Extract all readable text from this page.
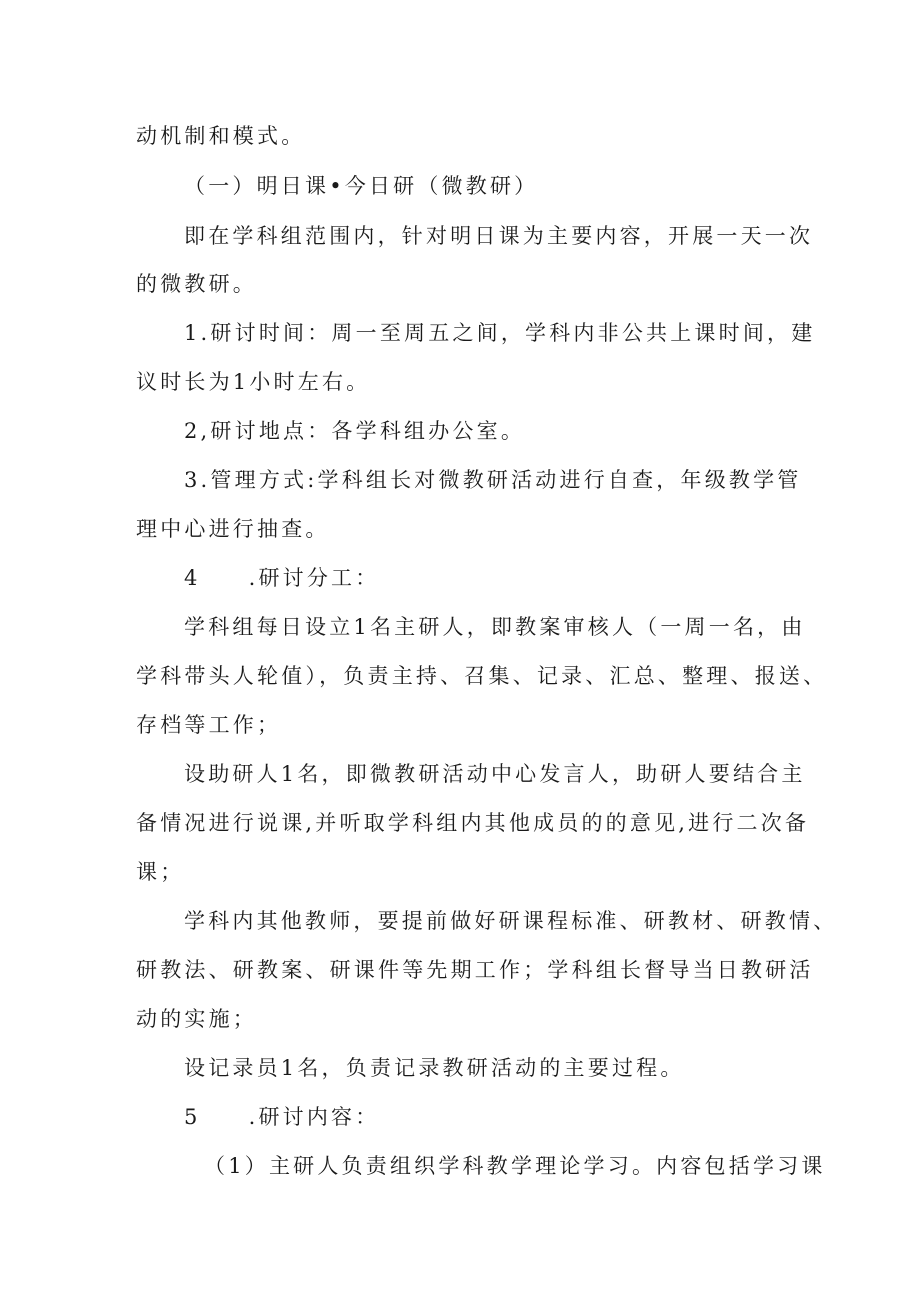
动机制和模式。
（一）明日课•今日研（微教研）
即在学科组范围内，针对明日课为主要内容，开展一天一次
的微教研。
1.研讨时间：周一至周五之间，学科内非公共上课时间，建
议时长为1小时左右。
2,研讨地点：各学科组办公室。
3.管理方式:学科组长对微教研活动进行自查，年级教学管
理中心进行抽查。
4 .研讨分工：
学科组每日设立1名主研人，即教案审核人（一周一名，由
学科带头人轮值），负责主持、召集、记录、汇总、整理、报送、
存档等工作；
设助研人1名，即微教研活动中心发言人，助研人要结合主
备情况进行说课,并听取学科组内其他成员的的意见,进行二次备
课；
学科内其他教师，要提前做好研课程标准、研教材、研教情、
研教法、研教案、研课件等先期工作；学科组长督导当日教研活
动的实施；
设记录员1名，负责记录教研活动的主要过程。
5 .研讨内容：
（1）主研人负责组织学科教学理论学习。内容包括学习课
